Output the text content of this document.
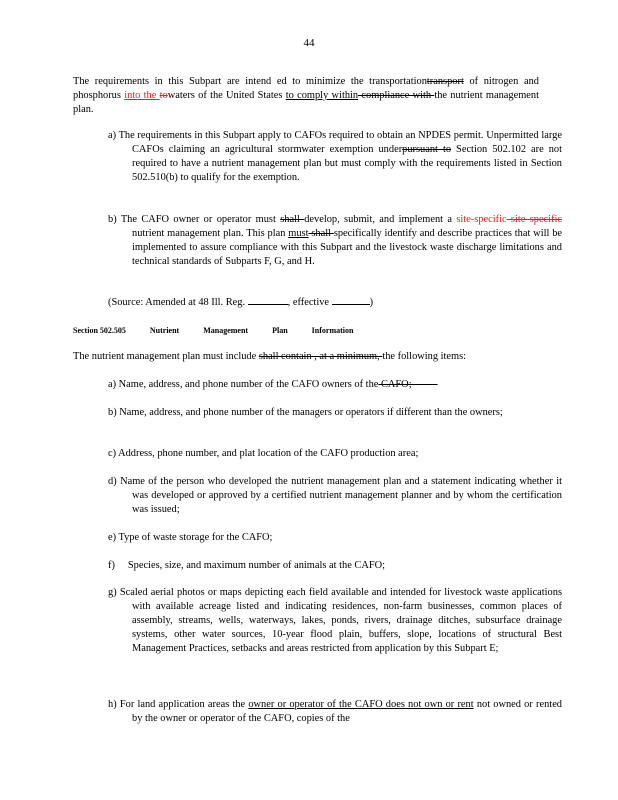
44
The requirements in this Subpart are intend ed to minimize the transportationtransport of nitrogen and phosphorus into the towaters of the United States to comply within compliance with the nutrient management plan.
a) The requirements in this Subpart apply to CAFOs required to obtain an NPDES permit. Unpermitted large CAFOs claiming an agricultural stormwater exemption underpursuant to Section 502.102 are not required to have a nutrient management plan but must comply with the requirements listed in Section 502.510(b) to qualify for the exemption.
b) The CAFO owner or operator must shall develop, submit, and implement a site-specific site specific nutrient management plan. This plan must shall specifically identify and describe practices that will be implemented to assure compliance with this Subpart and the livestock waste discharge limitations and technical standards of Subparts F, G, and H.
(Source: Amended at 48 Ill. Reg.	, effective	)
Section 502.505	Nutrient	Management	Plan	Information
The nutrient management plan must include shall contain , at a minimum, the following items:
a) Name, address, and phone number of the CAFO owners of the CAFO;
b) Name, address, and phone number of the managers or operators if different than the owners;
c) Address, phone number, and plat location of the CAFO production area;
d) Name of the person who developed the nutrient management plan and a statement indicating whether it was developed or approved by a certified nutrient management planner and by whom the certification was issued;
e) Type of waste storage for the CAFO;
f)     Species, size, and maximum number of animals at the CAFO;
g) Scaled aerial photos or maps depicting each field available and intended for livestock waste applications with available acreage listed and indicating residences, non-farm businesses, common places of assembly, streams, wells, waterways, lakes, ponds, rivers, drainage ditches, subsurface drainage systems, other water sources, 10-year flood plain, buffers, slope, locations of structural Best Management Practices, setbacks and areas restricted from application by this Subpart E;
h) For land application areas the owner or operator of the CAFO does not own or rent not owned or rented by the owner or operator of the CAFO, copies of the
